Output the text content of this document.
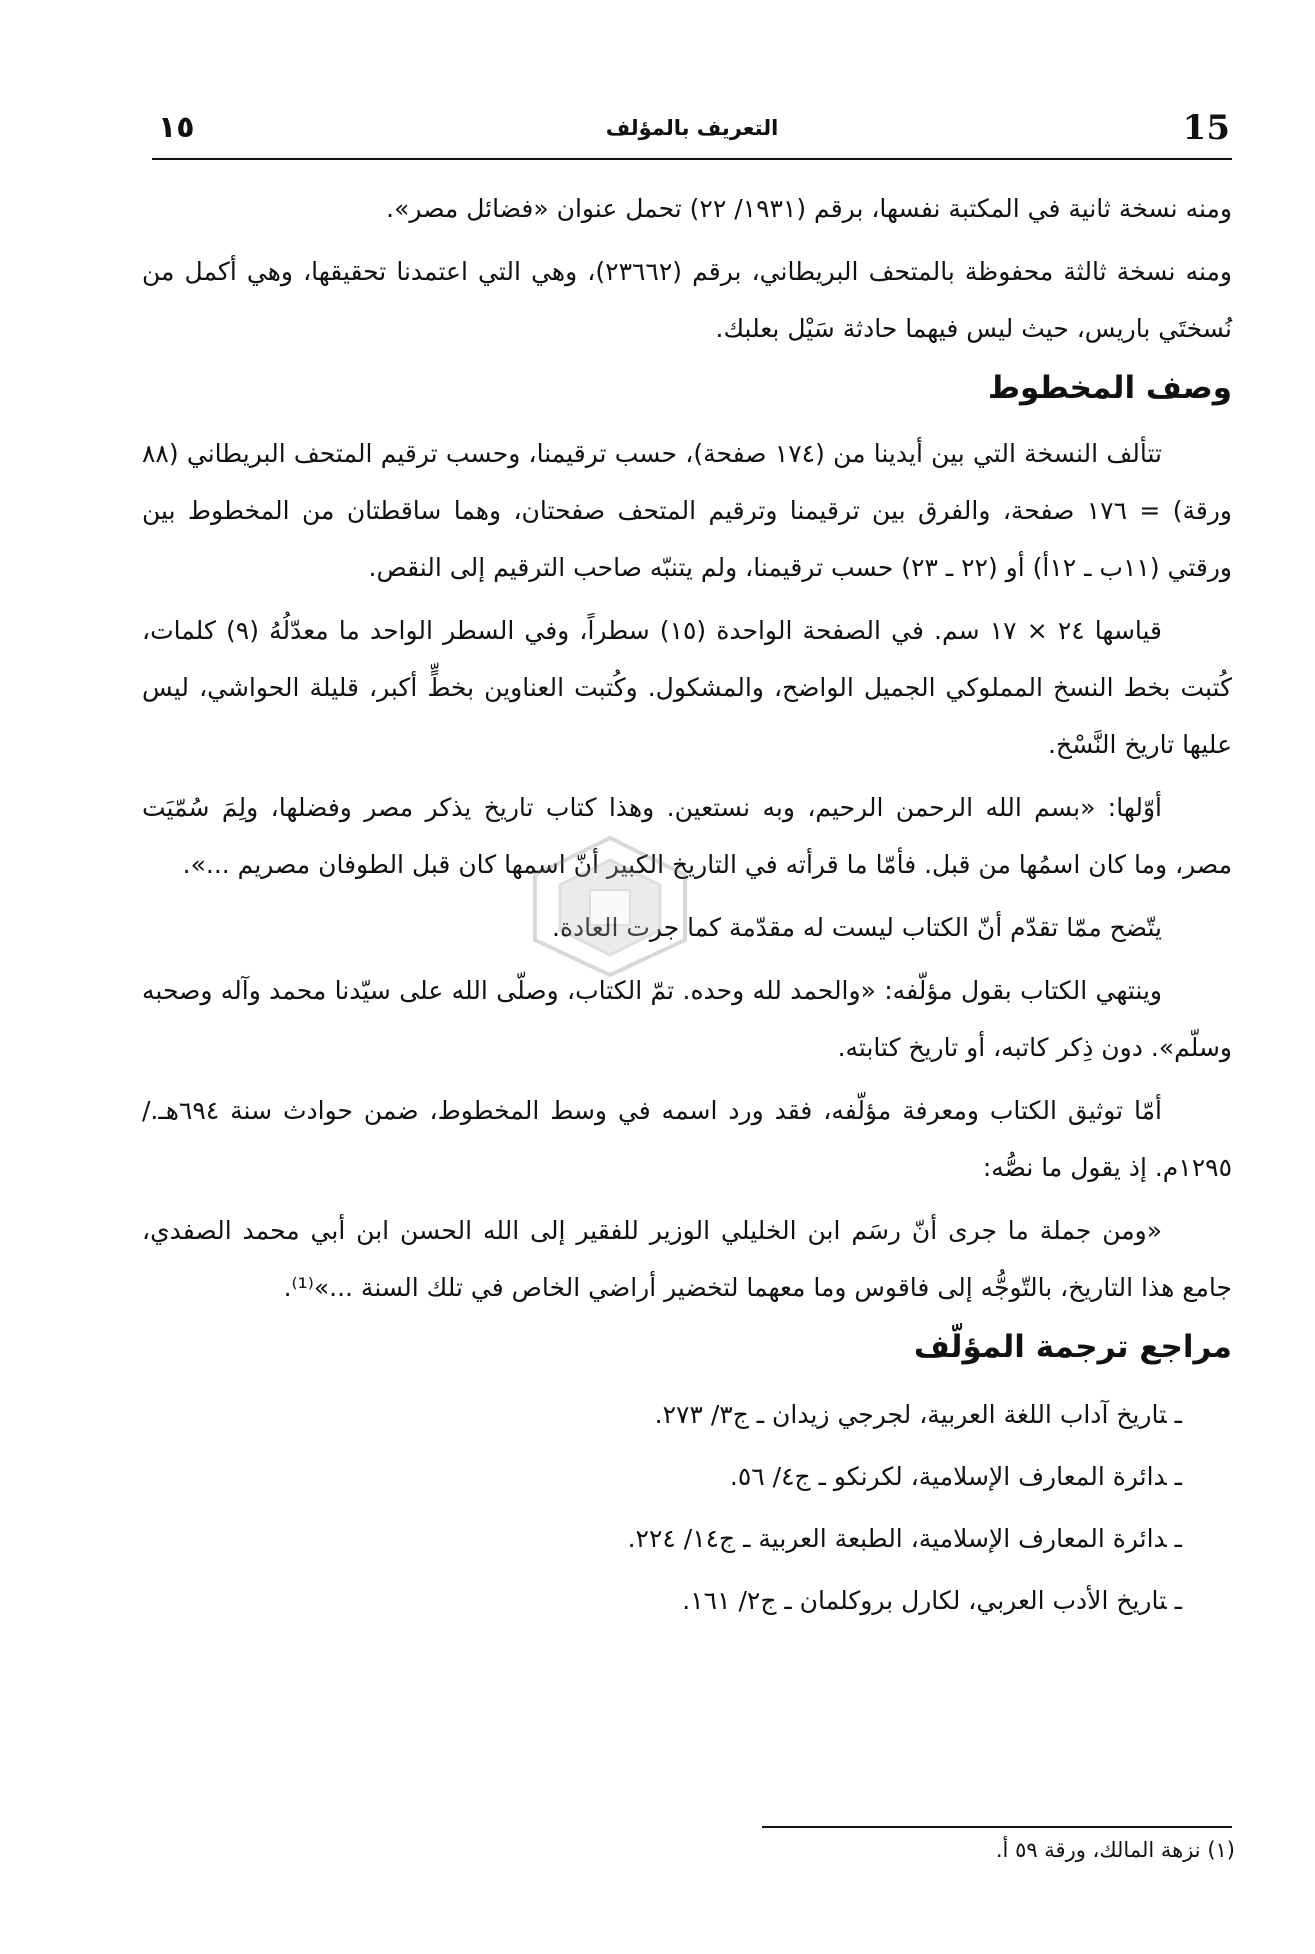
15
التعريف بالمؤلف
١٥

ومنه نسخة ثانية في المكتبة نفسها، برقم (١٩٣١/ ٢٢) تحمل عنوان «فضائل مصر».

ومنه نسخة ثالثة محفوظة بالمتحف البريطاني، برقم (٢٣٦٦٢)، وهي التي اعتمدنا تحقيقها، وهي أكمل من نُسختَي باريس، حيث ليس فيهما حادثة سَيْل بعلبك.

وصف المخطوط

تتألف النسخة التي بين أيدينا من (١٧٤ صفحة)، حسب ترقيمنا، وحسب ترقيم المتحف البريطاني (٨٨ ورقة) = ١٧٦ صفحة، والفرق بين ترقيمنا وترقيم المتحف صفحتان، وهما ساقطتان من المخطوط بين ورقتي (١١ب ـ ١٢أ) أو (٢٢ ـ ٢٣) حسب ترقيمنا، ولم يتنبّه صاحب الترقيم إلى النقص.

قياسها ٢٤ × ١٧ سم. في الصفحة الواحدة (١٥) سطراً، وفي السطر الواحد ما معدّلُهُ (٩) كلمات، كُتبت بخط النسخ المملوكي الجميل الواضح، والمشكول. وكُتبت العناوين بخطٍّ أكبر، قليلة الحواشي، ليس عليها تاريخ النَّسْخ.

أوّلها: «بسم الله الرحمن الرحيم، وبه نستعين. وهذا كتاب تاريخ يذكر مصر وفضلها، ولِمَ سُمّيَت مصر، وما كان اسمُها من قبل. فأمّا ما قرأته في التاريخ الكبير أنّ اسمها كان قبل الطوفان مصريم ...».

يتّضح ممّا تقدّم أنّ الكتاب ليست له مقدّمة كما جرت العادة.

وينتهي الكتاب بقول مؤلّفه: «والحمد لله وحده. تمّ الكتاب، وصلّى الله على سيّدنا محمد وآله وصحبه وسلّم». دون ذِكر كاتبه، أو تاريخ كتابته.

أمّا توثيق الكتاب ومعرفة مؤلّفه، فقد ورد اسمه في وسط المخطوط، ضمن حوادث سنة ٦٩٤هـ./١٢٩٥م. إذ يقول ما نصُّه:

«ومن جملة ما جرى أنّ رسَم ابن الخليلي الوزير للفقير إلى الله الحسن ابن أبي محمد الصفدي، جامع هذا التاريخ، بالتّوجُّه إلى فاقوس وما معهما لتخضير أراضي الخاص في تلك السنة ...»⁽¹⁾.

مراجع ترجمة المؤلّف
ـتاريخ آداب اللغة العربية، لجرجي زيدان ـ ج٣/ ٢٧٣.
ـدائرة المعارف الإسلامية، لكرنكو ـ ج٤/ ٥٦.
ـدائرة المعارف الإسلامية، الطبعة العربية ـ ج١٤/ ٢٢٤.
ـتاريخ الأدب العربي، لكارل بروكلمان ـ ج٢/ ١٦١.
(١) نزهة المالك، ورقة ٥٩ أ.
